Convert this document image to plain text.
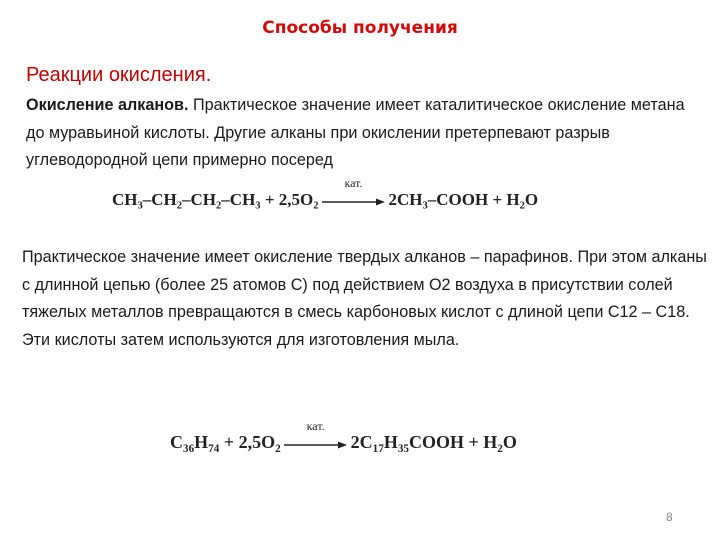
Способы получения
Реакции окисления.
Окисление алканов. Практическое значение имеет каталитическое окисление метана до муравьиной кислоты. Другие алканы при окислении претерпевают разрыв углеводородной цепи примерно посеред
$CH_3-CH_2-CH_2-CH_3 + 2,5O_2$
кат.
$2CH_3$–COOH + $H_2O$
Практическое значение имеет окисление твердых алканов – парафинов. При этом алканы с длинной цепью (более 25 атомов С) под действием О2 воздуха в присутствии солей тяжелых металлов превращаются в смесь карбоновых кислот с длиной цепи С12 – С18. Эти кислоты затем используются для изготовления мыла.
$C_{36}H_{74} + 2,5O_2$
кат.
$2C_{17}H_{35}COOH + H_2O$
8
